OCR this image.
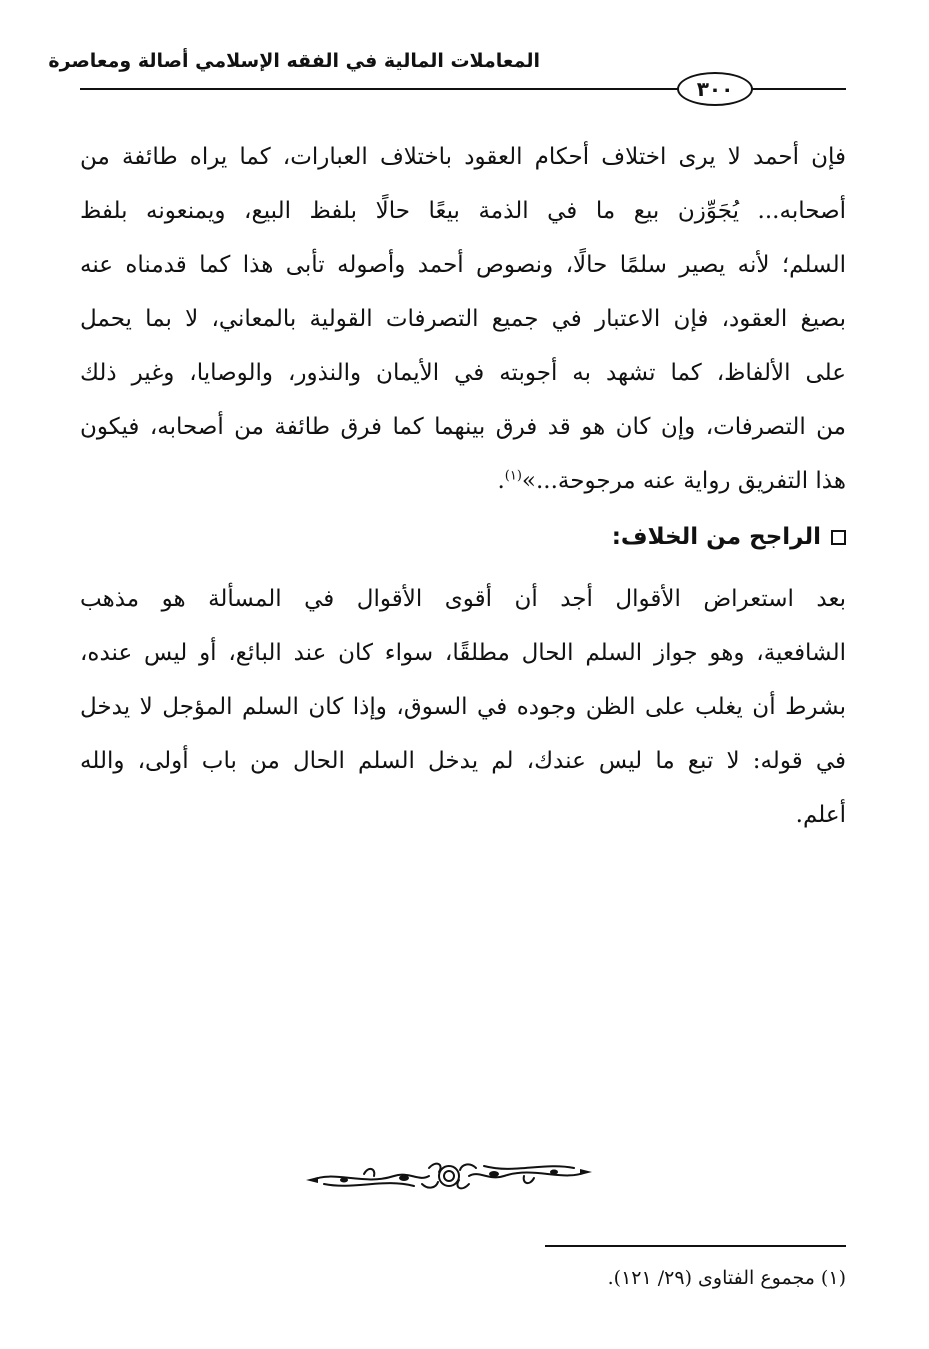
المعاملات المالية في الفقه الإسلامي أصالة ومعاصرة
٣٠٠
فإن أحمد لا يرى اختلاف أحكام العقود باختلاف العبارات، كما يراه طائفة من
أصحابه... يُجَوِّزن بيع ما في الذمة بيعًا حالًا بلفظ البيع، ويمنعونه بلفظ
السلم؛ لأنه يصير سلمًا حالًا، ونصوص أحمد وأصوله تأبى هذا كما قدمناه عنه
بصيغ العقود، فإن الاعتبار في جميع التصرفات القولية بالمعاني، لا بما يحمل
على الألفاظ، كما تشهد به أجوبته في الأيمان والنذور، والوصايا، وغير ذلك
من التصرفات، وإن كان هو قد فرق بينهما كما فرق طائفة من أصحابه، فيكون
هذا التفريق رواية عنه مرجوحة...»$^{(١)}$.
الراجح من الخلاف:
بعد استعراض الأقوال أجد أن أقوى الأقوال في المسألة هو مذهب
الشافعية، وهو جواز السلم الحال مطلقًا، سواء كان عند البائع، أو ليس عنده،
بشرط أن يغلب على الظن وجوده في السوق، وإذا كان السلم المؤجل لا يدخل
في قوله: لا تبع ما ليس عندك، لم يدخل السلم الحال من باب أولى، والله
أعلم.
(١) مجموع الفتاوى (٢٩/ ١٢١).
